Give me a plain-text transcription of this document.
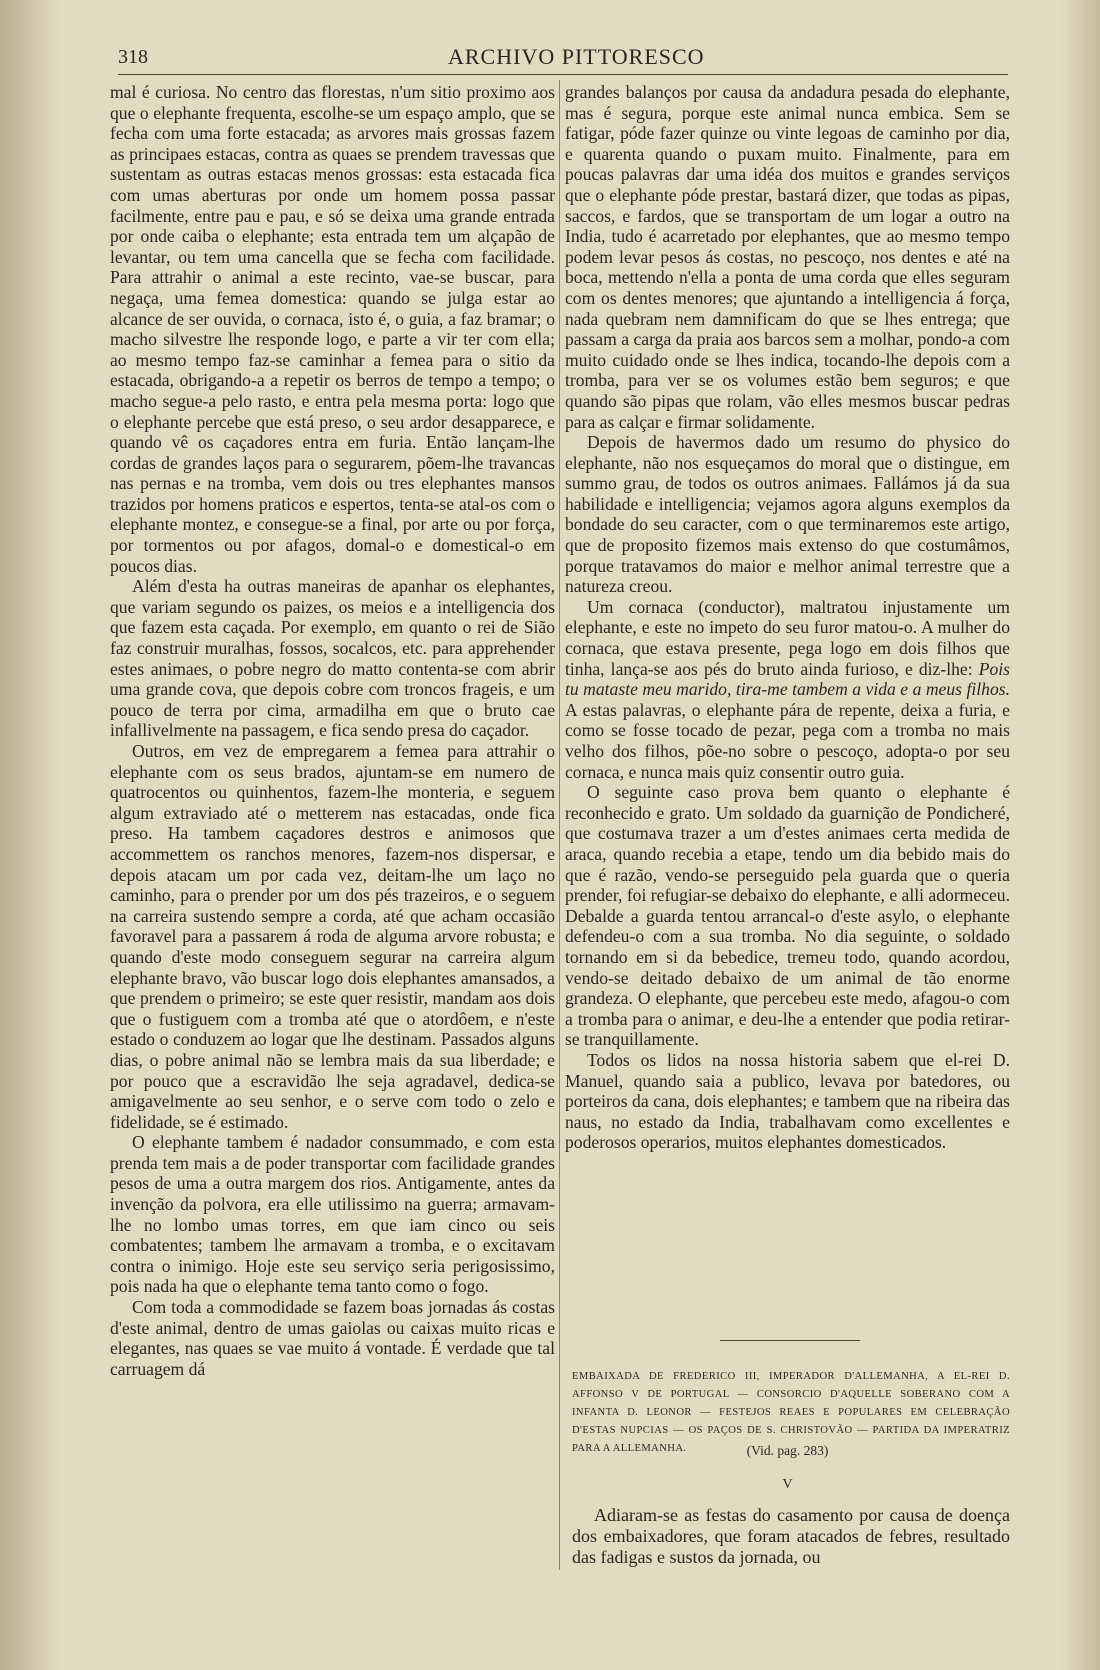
318	ARCHIVO PITTORESCO

mal é curiosa. No centro das florestas, n'um sitio proximo aos que o elephante frequenta, escolhe-se um espaço amplo, que se fecha com uma forte estacada; as arvores mais grossas fazem as principaes estacas, contra as quaes se prendem travessas que sustentam as outras estacas menos grossas: esta estacada fica com umas aberturas por onde um homem possa passar facilmente, entre pau e pau, e só se deixa uma grande entrada por onde caiba o elephante; esta entrada tem um alçapão de levantar, ou tem uma cancella que se fecha com facilidade. Para attrahir o animal a este recinto, vae-se buscar, para negaça, uma femea domestica: quando se julga estar ao alcance de ser ouvida, o cornaca, isto é, o guia, a faz bramar; o macho silvestre lhe responde logo, e parte a vir ter com ella; ao mesmo tempo faz-se caminhar a femea para o sitio da estacada, obrigando-a a repetir os berros de tempo a tempo; o macho segue-a pelo rasto, e entra pela mesma porta: logo que o elephante percebe que está preso, o seu ardor desapparece, e quando vê os caçadores entra em furia. Então lançam-lhe cordas de grandes laços para o segurarem, põem-lhe travancas nas pernas e na tromba, vem dois ou tres elephantes mansos trazidos por homens praticos e espertos, tenta-se atal-os com o elephante montez, e consegue-se a final, por arte ou por força, por tormentos ou por afagos, domal-o e domestical-o em poucos dias.

Além d'esta ha outras maneiras de apanhar os elephantes, que variam segundo os paizes, os meios e a intelligencia dos que fazem esta caçada. Por exemplo, em quanto o rei de Sião faz construir muralhas, fossos, socalcos, etc. para apprehender estes animaes, o pobre negro do matto contenta-se com abrir uma grande cova, que depois cobre com troncos frageis, e um pouco de terra por cima, armadilha em que o bruto cae infallivelmente na passagem, e fica sendo presa do caçador.

Outros, em vez de empregarem a femea para attrahir o elephante com os seus brados, ajuntam-se em numero de quatrocentos ou quinhentos, fazem-lhe monteria, e seguem algum extraviado até o metterem nas estacadas, onde fica preso. Ha tambem caçadores destros e animosos que accommettem os ranchos menores, fazem-nos dispersar, e depois atacam um por cada vez, deitam-lhe um laço no caminho, para o prender por um dos pés trazeiros, e o seguem na carreira sustendo sempre a corda, até que acham occasião favoravel para a passarem á roda de alguma arvore robusta; e quando d'este modo conseguem segurar na carreira algum elephante bravo, vão buscar logo dois elephantes amansados, a que prendem o primeiro; se este quer resistir, mandam aos dois que o fustiguem com a tromba até que o atordôem, e n'este estado o conduzem ao logar que lhe destinam. Passados alguns dias, o pobre animal não se lembra mais da sua liberdade; e por pouco que a escravidão lhe seja agradavel, dedica-se amigavelmente ao seu senhor, e o serve com todo o zelo e fidelidade, se é estimado.

O elephante tambem é nadador consummado, e com esta prenda tem mais a de poder transportar com facilidade grandes pesos de uma a outra margem dos rios. Antigamente, antes da invenção da polvora, era elle utilissimo na guerra; armavam-lhe no lombo umas torres, em que iam cinco ou seis combatentes; tambem lhe armavam a tromba, e o excitavam contra o inimigo. Hoje este seu serviço seria perigosissimo, pois nada ha que o elephante tema tanto como o fogo.

Com toda a commodidade se fazem boas jornadas ás costas d'este animal, dentro de umas gaiolas ou caixas muito ricas e elegantes, nas quaes se vae muito á vontade. É verdade que tal carruagem dá

grandes balanços por causa da andadura pesada do elephante, mas é segura, porque este animal nunca embica. Sem se fatigar, póde fazer quinze ou vinte legoas de caminho por dia, e quarenta quando o puxam muito. Finalmente, para em poucas palavras dar uma idéa dos muitos e grandes serviços que o elephante póde prestar, bastará dizer, que todas as pipas, saccos, e fardos, que se transportam de um logar a outro na India, tudo é acarretado por elephantes, que ao mesmo tempo podem levar pesos ás costas, no pescoço, nos dentes e até na boca, mettendo n'ella a ponta de uma corda que elles seguram com os dentes menores; que ajuntando a intelligencia á força, nada quebram nem damnificam do que se lhes entrega; que passam a carga da praia aos barcos sem a molhar, pondo-a com muito cuidado onde se lhes indica, tocando-lhe depois com a tromba, para ver se os volumes estão bem seguros; e que quando são pipas que rolam, vão elles mesmos buscar pedras para as calçar e firmar solidamente.

Depois de havermos dado um resumo do physico do elephante, não nos esqueçamos do moral que o distingue, em summo grau, de todos os outros animaes. Fallámos já da sua habilidade e intelligencia; vejamos agora alguns exemplos da bondade do seu caracter, com o que terminaremos este artigo, que de proposito fizemos mais extenso do que costumâmos, porque tratavamos do maior e melhor animal terrestre que a natureza creou.

Um cornaca (conductor), maltratou injustamente um elephante, e este no impeto do seu furor matou-o. A mulher do cornaca, que estava presente, pega logo em dois filhos que tinha, lança-se aos pés do bruto ainda furioso, e diz-lhe: Pois tu mataste meu marido, tira-me tambem a vida e a meus filhos. A estas palavras, o elephante pára de repente, deixa a furia, e como se fosse tocado de pezar, pega com a tromba no mais velho dos filhos, põe-no sobre o pescoço, adopta-o por seu cornaca, e nunca mais quiz consentir outro guia.

O seguinte caso prova bem quanto o elephante é reconhecido e grato. Um soldado da guarnição de Pondicheré, que costumava trazer a um d'estes animaes certa medida de araca, quando recebia a etape, tendo um dia bebido mais do que é razão, vendo-se perseguido pela guarda que o queria prender, foi refugiar-se debaixo do elephante, e alli adormeceu. Debalde a guarda tentou arrancal-o d'este asylo, o elephante defendeu-o com a sua tromba. No dia seguinte, o soldado tornando em si da bebedice, tremeu todo, quando acordou, vendo-se deitado debaixo de um animal de tão enorme grandeza. O elephante, que percebeu este medo, afagou-o com a tromba para o animar, e deu-lhe a entender que podia retirar-se tranquillamente.

Todos os lidos na nossa historia sabem que el-rei D. Manuel, quando saia a publico, levava por batedores, ou porteiros da cana, dois elephantes; e tambem que na ribeira das naus, no estado da India, trabalhavam como excellentes e poderosos operarios, muitos elephantes domesticados.

EMBAIXADA DE FREDERICO III, IMPERADOR D'ALLEMANHA, A EL-REI D. AFFONSO V DE PORTUGAL — CONSORCIO D'AQUELLE SOBERANO COM A INFANTA D. LEONOR — FESTEJOS REAES E POPULARES EM CELEBRAÇÃO D'ESTAS NUPCIAS — OS PAÇOS DE S. CHRISTOVÃO — PARTIDA DA IMPERATRIZ PARA A ALLEMANHA.	(Vid. pag. 283)
V

Adiaram-se as festas do casamento por causa de doença dos embaixadores, que foram atacados de febres, resultado das fadigas e sustos da jornada, ou
